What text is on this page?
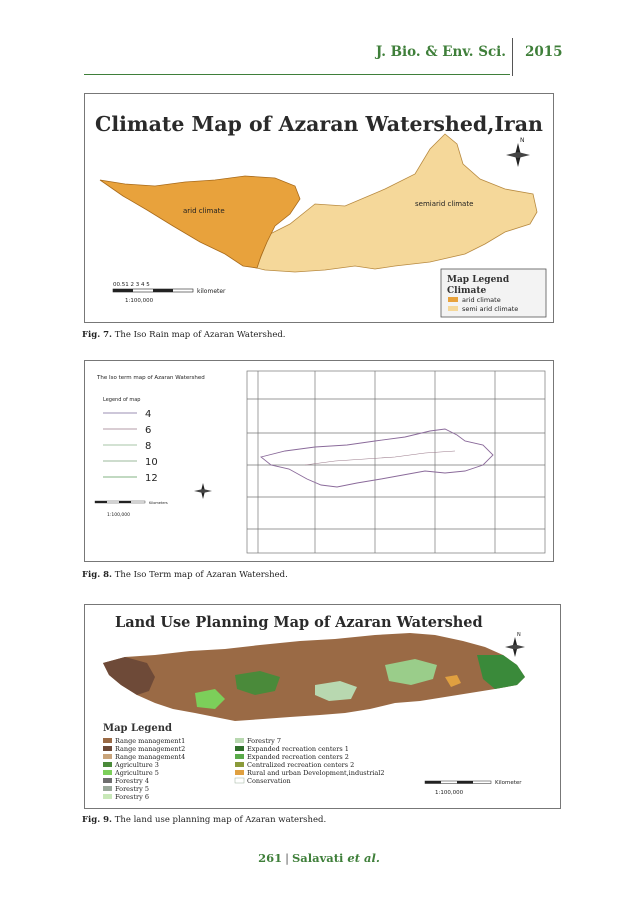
J. Bio. & Env. Sci. 2015
Climate Map of Azaran Watershed,Iran
arid climate
semiarid climate
N
00.51 2 3 4 5
kilometer
1:100,000
Map Legend
Climate
arid climate
semi arid climate
Fig. 7. The Iso Rain map of Azaran Watershed.
The Iso term map of Azaran Watershed
Legend of map
4
6
8
10
12
Kilometers
1:100,000
Fig. 8. The Iso Term map of Azaran Watershed.
Land Use Planning Map of Azaran Watershed
N
Map Legend
Range management1
Range management2
Range management4
Agriculture 3
Agriculture 5
Forestry 4
Forestry 5
Forestry 6
Forestry 7
Expanded recreation centers 1
Expanded recreation centers 2
Centralized recreation centers 2
Rural and urban Development,industrial2
Conservation	Kilometer
1:100,000
Fig. 9. The land use planning map of Azaran watershed.
261 | Salavati et al.
